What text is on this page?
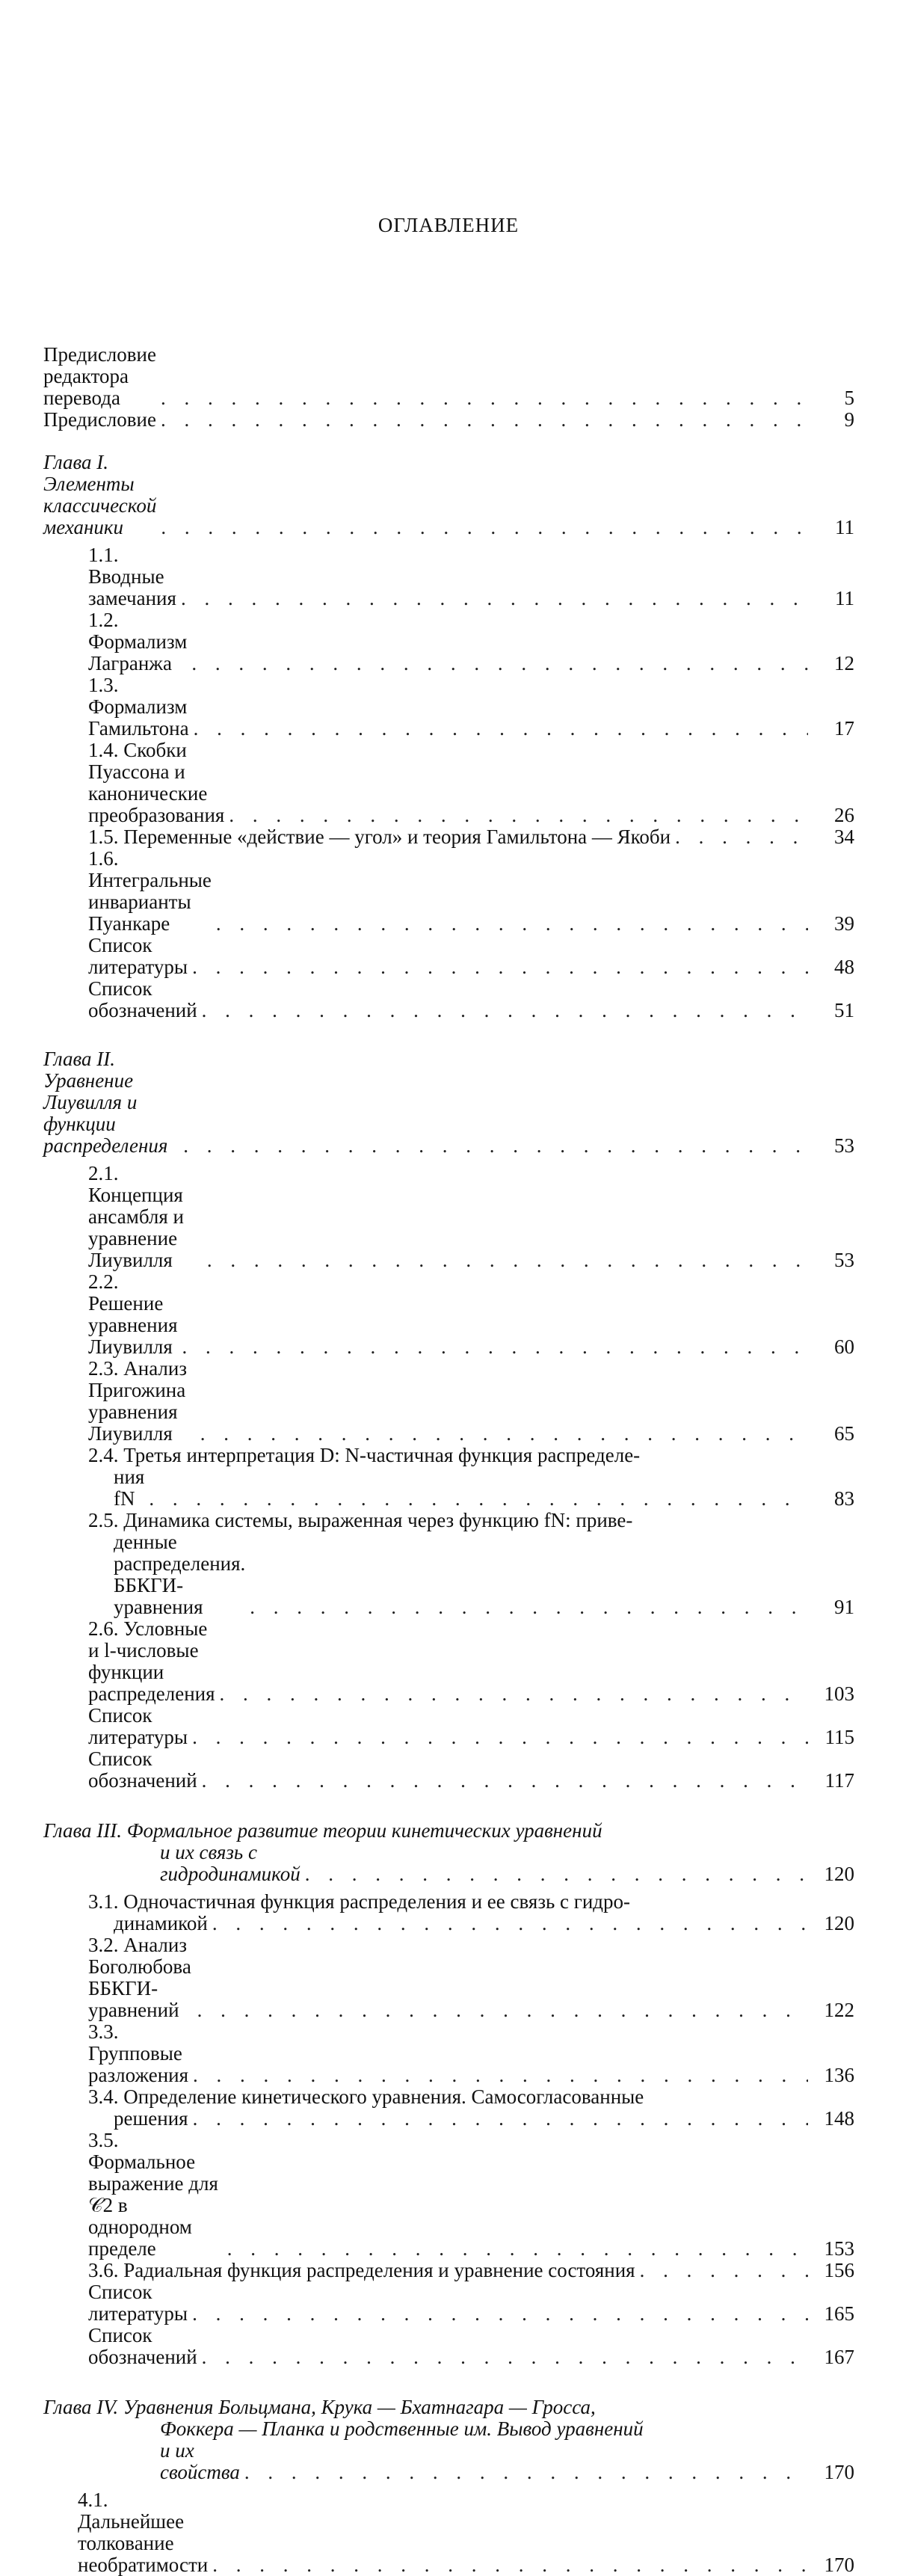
ОГЛАВЛЕНИЕ
Предисловие редактора перевода . . .	5
Предисловие . . .	9
Глава I. Элементы классической механики . . .	11
1.1. Вводные замечания . . .	11
1.2. Формализм Лагранжа . . .	12
1.3. Формализм Гамильтона . . .	17
1.4. Скобки Пуассона и канонические преобразования . . .	26
1.5. Переменные «действие — угол» и теория Гамильтона — Якоби . . .	34
1.6. Интегральные инварианты Пуанкаре . . .	39
Список литературы . . .	48
Список обозначений . . .	51
Глава II. Уравнение Лиувилля и функции распределения . . .	53
2.1. Концепция ансамбля и уравнение Лиувилля . . .	53
2.2. Решение уравнения Лиувилля . . .	60
2.3. Анализ Пригожина уравнения Лиувилля . . .	65
2.4. Третья интерпретация D: N-частичная функция распределе-
ния fN . . .	83
2.5. Динамика системы, выраженная через функцию fN: приве-
денные распределения. ББКГИ-уравнения . . .	91
2.6. Условные и l-числовые функции распределения . . .	103
Список литературы . . .	115
Список обозначений . . .	117
Глава III. Формальное развитие теории кинетических уравнений
и их связь с гидродинамикой . . .	120
3.1. Одночастичная функция распределения и ее связь с гидро-
динамикой . . .	120
3.2. Анализ Боголюбова ББКГИ-уравнений . . .	122
3.3. Групповые разложения . . .	136
3.4. Определение кинетического уравнения. Самосогласованные
решения . . .	148
3.5. Формальное выражение для 𝒞2 в однородном пределе . . .	153
3.6. Радиальная функция распределения и уравнение состояния . . .	156
Список литературы . . .	165
Список обозначений . . .	167
Глава IV. Уравнения Больцмана, Крука — Бхатнагара — Гросса,
Фоккера — Планка и родственные им. Вывод уравнений
и их свойства . . .	170
4.1. Дальнейшее толкование необратимости . . .	170
